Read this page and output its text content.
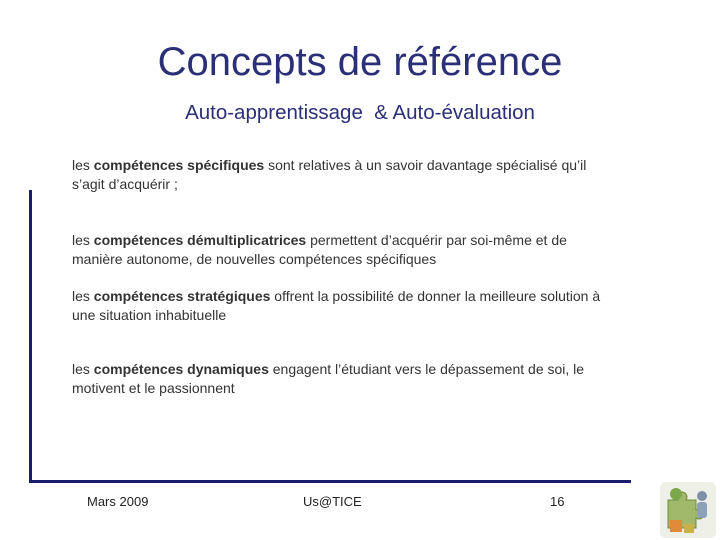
Concepts de référence
Auto-apprentissage  & Auto-évaluation
les compétences spécifiques sont relatives à un savoir davantage spécialisé qu’il s’agit d’acquérir ;
les compétences démultiplicatrices permettent d’acquérir par soi-même et de manière autonome, de nouvelles compétences spécifiques
les compétences stratégiques offrent la possibilité de donner la meilleure solution à une situation inhabituelle
les compétences dynamiques engagent l’étudiant vers le dépassement de soi, le motivent et le passionnent
Mars 2009	Us@TICE	16
